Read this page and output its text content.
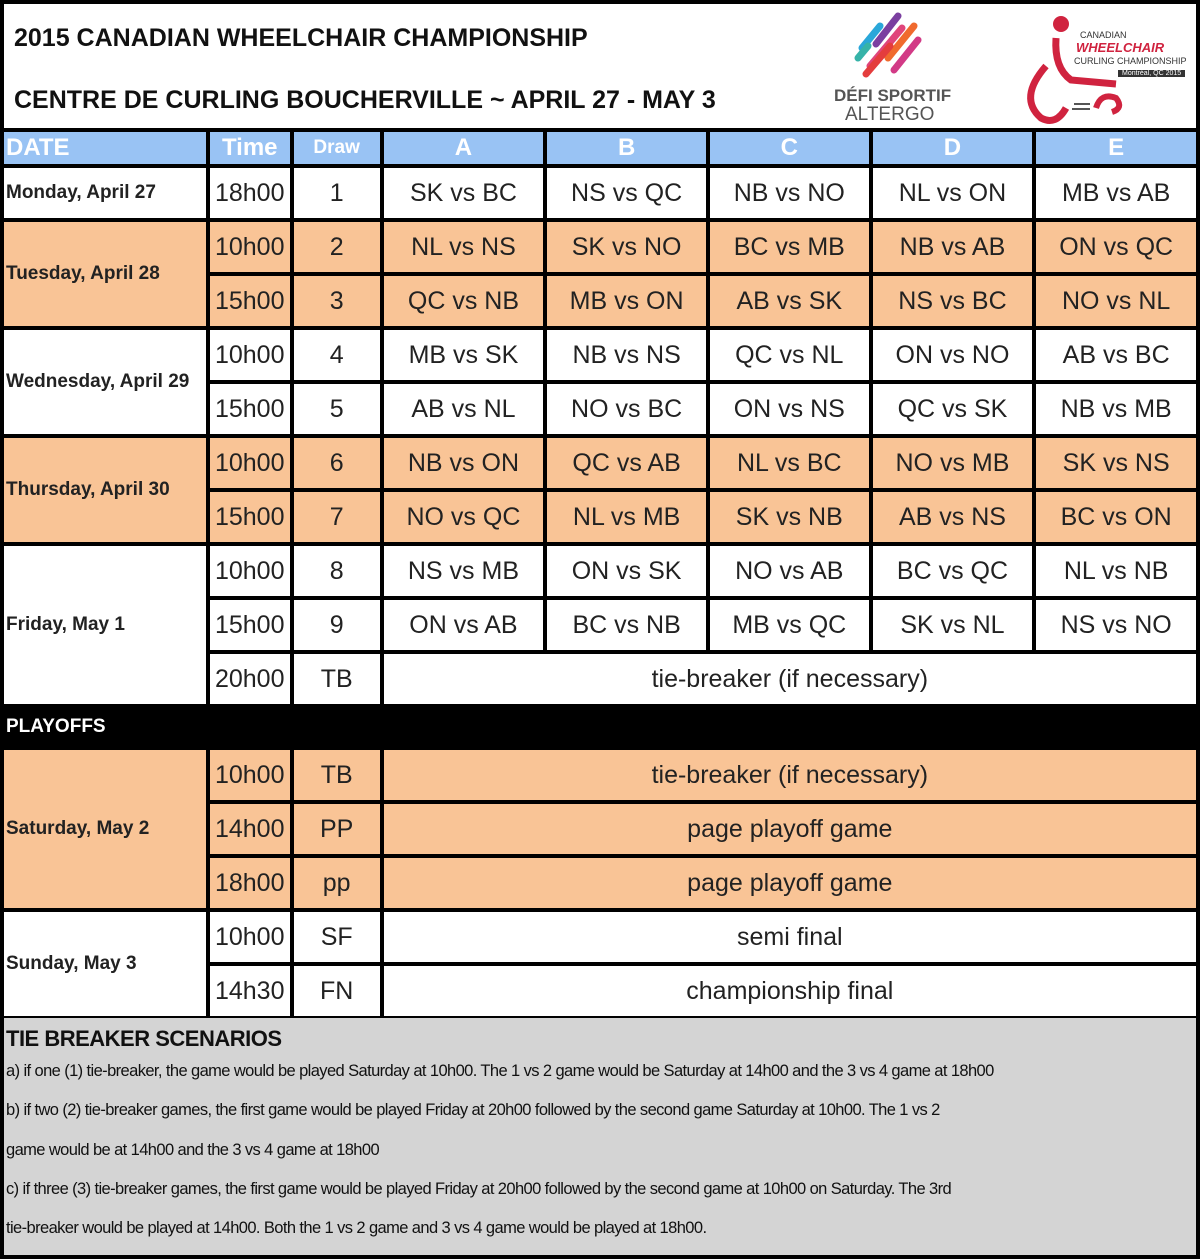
2015 CANADIAN WHEELCHAIR CHAMPIONSHIP
CENTRE DE CURLING BOUCHERVILLE ~ APRIL 27 - MAY 3	DÉFI SPORTIF
ALTERGO
CANADIAN
WHEELCHAIR
CURLING CHAMPIONSHIP
Montréal, QC 2015
DATE	Time	Draw	A	B	C	D	E
Monday, April 27	18h00	1	SK vs BC	NS vs QC	NB vs NO	NL vs ON	MB vs AB
Tuesday, April 28	10h00	2	NL vs NS	SK vs NO	BC vs MB	NB vs AB	ON vs QC
	15h00	3	QC vs NB	MB vs ON	AB vs SK	NS vs BC	NO vs NL
Wednesday, April 29	10h00	4	MB vs SK	NB vs NS	QC vs NL	ON vs NO	AB vs BC
	15h00	5	AB vs NL	NO vs BC	ON vs NS	QC vs SK	NB vs MB
Thursday, April 30	10h00	6	NB vs ON	QC vs AB	NL vs BC	NO vs MB	SK vs NS
	15h00	7	NO vs QC	NL vs MB	SK vs NB	AB vs NS	BC vs ON
Friday, May 1	10h00	8	NS vs MB	ON vs SK	NO vs AB	BC vs QC	NL vs NB
	15h00	9	ON vs AB	BC vs NB	MB vs QC	SK vs NL	NS vs NO
	20h00	TB	tie-breaker (if necessary)				
PLAYOFFS							
Saturday, May 2	10h00	TB	tie-breaker (if necessary)				
	14h00	PP	page playoff game				
	18h00	pp	page playoff game				
Sunday, May 3	10h00	SF	semi final				
	14h30	FN	championship final				
TIE BREAKER SCENARIOS

a) if one (1) tie-breaker, the game would be played Saturday at 10h00. The 1 vs 2 game would be Saturday at 14h00 and the 3 vs 4 game at 18h00

b) if two (2) tie-breaker games, the first game would be played Friday at 20h00 followed by the second game Saturday at 10h00. The 1 vs 2

game would be at 14h00 and the 3 vs 4 game at 18h00

c) if three (3) tie-breaker games, the first game would be played Friday at 20h00 followed by the second game at 10h00 on Saturday. The 3rd

tie-breaker would be played at 14h00. Both the 1 vs 2 game and 3 vs 4 game would be played at 18h00.
